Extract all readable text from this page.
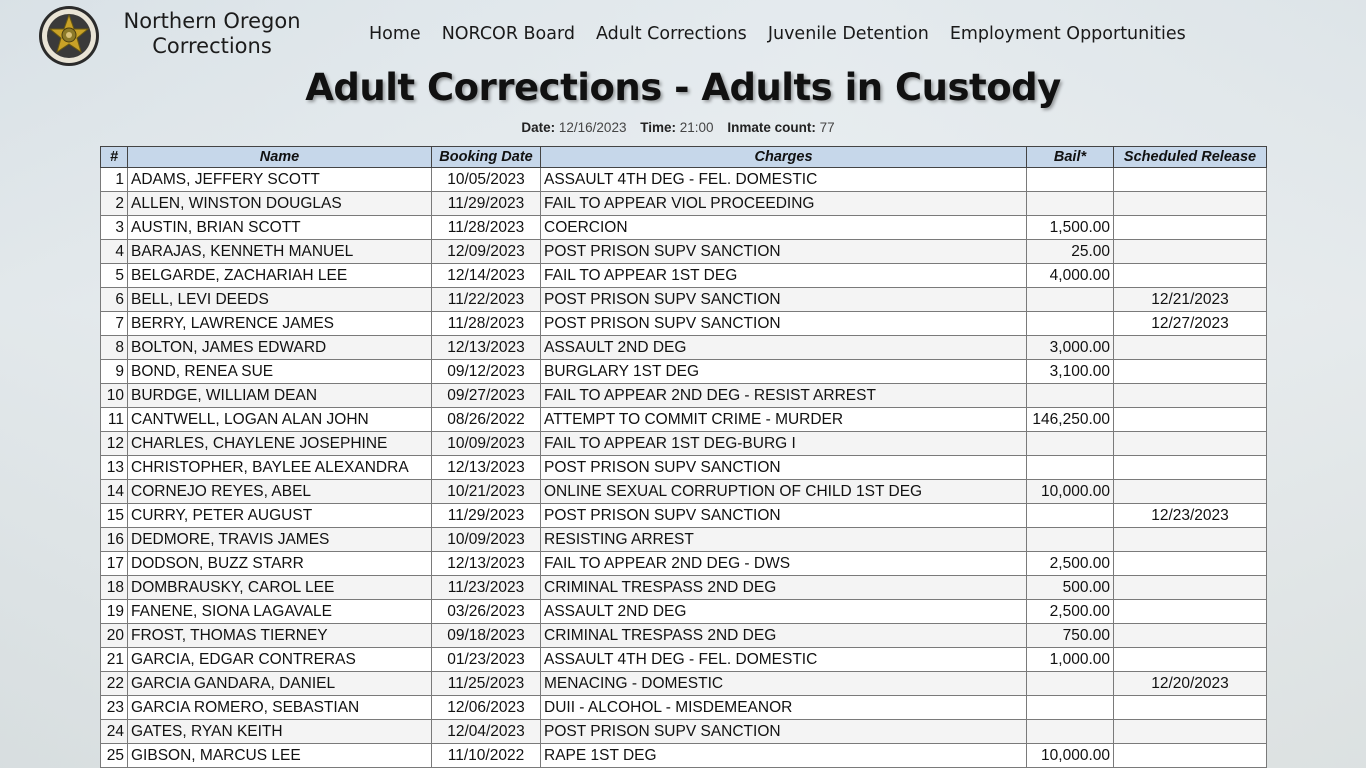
Northern Oregon
Corrections	Home NORCOR Board Adult Corrections Juvenile Detention Employment Opportunities
Adult Corrections - Adults in Custody
Date: 12/16/2023 Time: 21:00 Inmate count: 77
#	Name	Booking Date	Charges	Bail*	Scheduled Release
1	ADAMS, JEFFERY SCOTT	10/05/2023	ASSAULT 4TH DEG - FEL. DOMESTIC		
2	ALLEN, WINSTON DOUGLAS	11/29/2023	FAIL TO APPEAR VIOL PROCEEDING		
3	AUSTIN, BRIAN SCOTT	11/28/2023	COERCION	1,500.00	
4	BARAJAS, KENNETH MANUEL	12/09/2023	POST PRISON SUPV SANCTION	25.00	
5	BELGARDE, ZACHARIAH LEE	12/14/2023	FAIL TO APPEAR 1ST DEG	4,000.00	
6	BELL, LEVI DEEDS	11/22/2023	POST PRISON SUPV SANCTION		12/21/2023
7	BERRY, LAWRENCE JAMES	11/28/2023	POST PRISON SUPV SANCTION		12/27/2023
8	BOLTON, JAMES EDWARD	12/13/2023	ASSAULT 2ND DEG	3,000.00	
9	BOND, RENEA SUE	09/12/2023	BURGLARY 1ST DEG	3,100.00	
10	BURDGE, WILLIAM DEAN	09/27/2023	FAIL TO APPEAR 2ND DEG - RESIST ARREST		
11	CANTWELL, LOGAN ALAN JOHN	08/26/2022	ATTEMPT TO COMMIT CRIME - MURDER	146,250.00	
12	CHARLES, CHAYLENE JOSEPHINE	10/09/2023	FAIL TO APPEAR 1ST DEG-BURG I		
13	CHRISTOPHER, BAYLEE ALEXANDRA	12/13/2023	POST PRISON SUPV SANCTION		
14	CORNEJO REYES, ABEL	10/21/2023	ONLINE SEXUAL CORRUPTION OF CHILD 1ST DEG	10,000.00	
15	CURRY, PETER AUGUST	11/29/2023	POST PRISON SUPV SANCTION		12/23/2023
16	DEDMORE, TRAVIS JAMES	10/09/2023	RESISTING ARREST		
17	DODSON, BUZZ STARR	12/13/2023	FAIL TO APPEAR 2ND DEG - DWS	2,500.00	
18	DOMBRAUSKY, CAROL LEE	11/23/2023	CRIMINAL TRESPASS 2ND DEG	500.00	
19	FANENE, SIONA LAGAVALE	03/26/2023	ASSAULT 2ND DEG	2,500.00	
20	FROST, THOMAS TIERNEY	09/18/2023	CRIMINAL TRESPASS 2ND DEG	750.00	
21	GARCIA, EDGAR CONTRERAS	01/23/2023	ASSAULT 4TH DEG - FEL. DOMESTIC	1,000.00	
22	GARCIA GANDARA, DANIEL	11/25/2023	MENACING - DOMESTIC		12/20/2023
23	GARCIA ROMERO, SEBASTIAN	12/06/2023	DUII - ALCOHOL - MISDEMEANOR		
24	GATES, RYAN KEITH	12/04/2023	POST PRISON SUPV SANCTION		
25	GIBSON, MARCUS LEE	11/10/2022	RAPE 1ST DEG	10,000.00	
